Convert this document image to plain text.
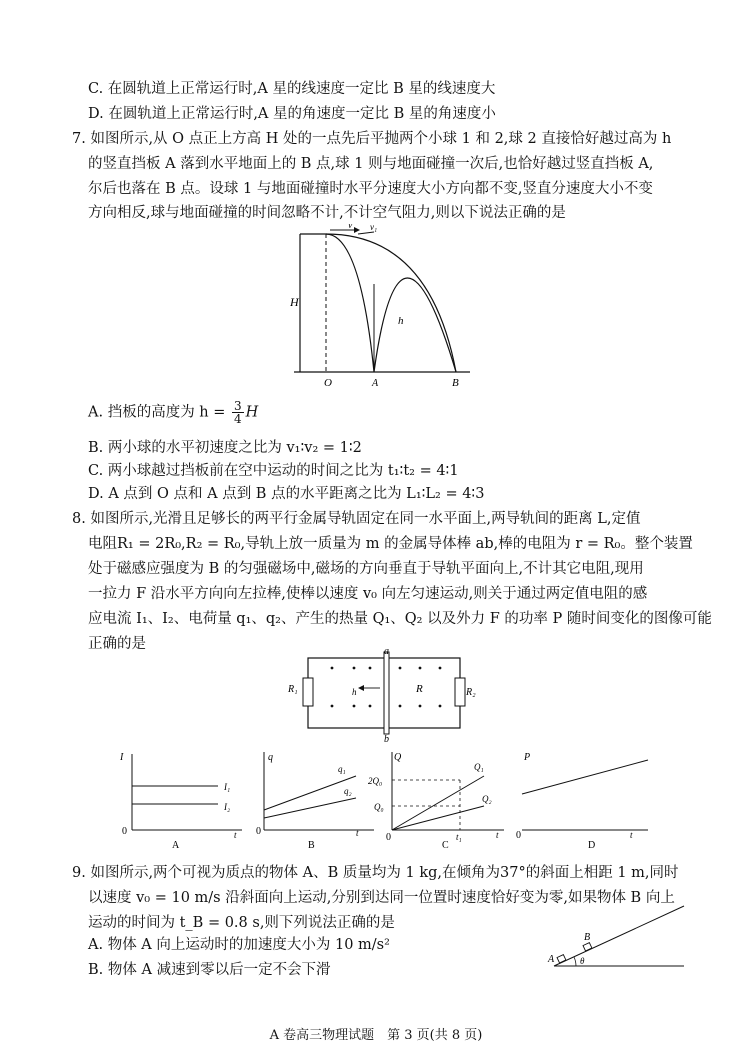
C. 在圆轨道上正常运行时,A 星的线速度一定比 B 星的线速度大
D. 在圆轨道上正常运行时,A 星的角速度一定比 B 星的角速度小
7. 如图所示,从 O 点正上方高 H 处的一点先后平抛两个小球 1 和 2,球 2 直接恰好越过高为 h
的竖直挡板 A 落到水平地面上的 B 点,球 1 则与地面碰撞一次后,也恰好越过竖直挡板 A,
尔后也落在 B 点。设球 1 与地面碰撞时水平分速度大小方向都不变,竖直分速度大小不变
方向相反,球与地面碰撞的时间忽略不计,不计空气阻力,则以下说法正确的是
v v₁
H
h
O	A	B
A. 挡板的高度为 $h = \frac{3}{4}$ H
B. 两小球的水平初速度之比为 v₁∶v₂ = 1∶2
C. 两小球越过挡板前在空中运动的时间之比为 t₁∶t₂ = 4∶1
D. A 点到 O 点和 A 点到 B 点的水平距离之比为 L₁∶L₂ = 4∶3
8. 如图所示,光滑且足够长的两平行金属导轨固定在同一水平面上,两导轨间的距离 L,定值
电阻R₁ = 2R₀,R₂ = R₀,导轨上放一质量为 m 的金属导体棒 ab,棒的电阻为 r = R₀。整个装置
处于磁感应强度为 B 的匀强磁场中,磁场的方向垂直于导轨平面向上,不计其它电阻,现用
一拉力 F 沿水平方向向左拉棒,使棒以速度 v₀ 向左匀速运动,则关于通过两定值电阻的感
应电流 I₁、I₂、电荷量 q₁、q₂、产生的热量 Q₁、Q₂ 以及外力 F 的功率 P 随时间变化的图像可能
正确的是	a
b
R₁	R₂
R
h
I
I₁
I₂
0	t
A
q
q₁
q₂
0	t
B
Q
Q₁
Q₂
2Q₀
Q₀
0	t₁	t
C
P
0	t
D
9. 如图所示,两个可视为质点的物体 A、B 质量均为 1 kg,在倾角为37°的斜面上相距 1 m,同时
以速度 v₀ = 10 m/s 沿斜面向上运动,分别到达同一位置时速度恰好变为零,如果物体 B 向上
运动的时间为 t_B = 0.8 s,则下列说法正确的是
A. 物体 A 向上运动时的加速度大小为 10 m/s²
B. 物体 A 减速到零以后一定不会下滑
A
B
θ
A 卷高三物理试题　第 3 页(共 8 页)
